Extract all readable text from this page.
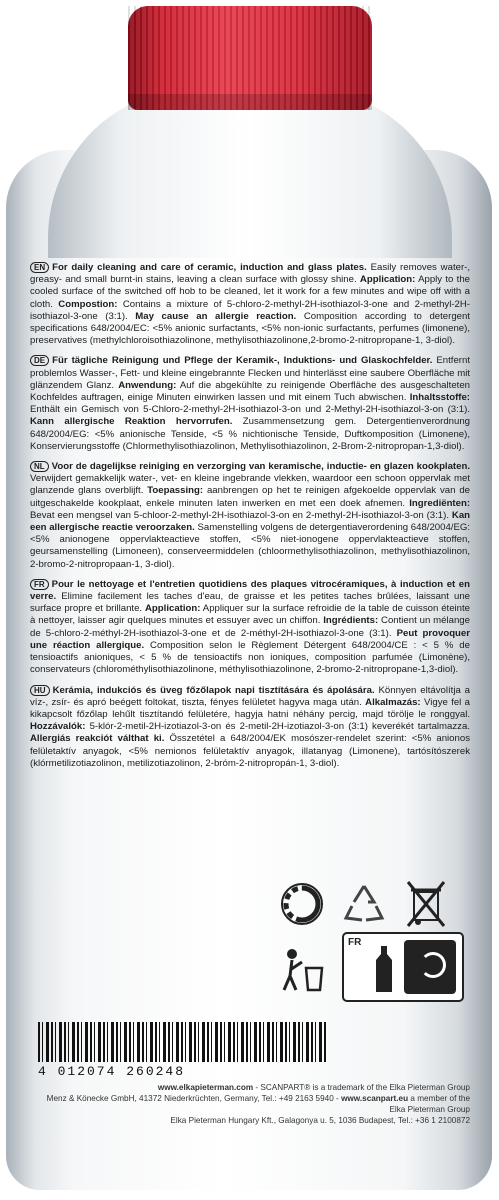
EN For daily cleaning and care of ceramic, induction and glass plates. Easily removes water-, greasy- and small burnt-in stains, leaving a clean surface with glossy shine. Application: Apply to the cooled surface of the switched off hob to be cleaned, let it work for a few minutes and wipe off with a cloth. Compostion: Contains a mixture of 5-chloro-2-methyl-2H-isothiazol-3-one and 2-methyl-2H-isothiazol-3-one (3:1). May cause an allergie reaction. Composition according to detergent specifications 648/2004/EC: <5% anionic surfactants, <5% non-ionic surfactants, perfumes (limonene), preservatives (methylchloroisothiazolinone, methylisothiazolinone,2-bromo-2-nitropropane-1, 3-diol).
DE Für tägliche Reinigung und Pflege der Keramik-, Induktions- und Glaskochfelder. Entfernt problemlos Wasser-, Fett- und kleine eingebrannte Flecken und hinterlässt eine saubere Oberfläche mit glänzendem Glanz. Anwendung: Auf die abgekühlte zu reinigende Oberfläche des ausgeschalteten Kochfeldes auftragen, einige Minuten einwirken lassen und mit einem Tuch abwischen. Inhaltsstoffe: Enthält ein Gemisch von 5-Chloro-2-methyl-2H-isothiazol-3-on und 2-Methyl-2H-isothiazol-3-on (3:1). Kann allergische Reaktion hervorrufen. Zusammensetzung gem. Detergentienverordnung 648/2004/EG: <5% anionische Tenside, <5 % nichtionische Tenside, Duftkomposition (Limonene), Konservierungsstoffe (Chlormethylisothiazolinon, Methylisothiazolinon, 2-Brom-2-nitropropan-1,3-diol).
NL Voor de dagelijkse reiniging en verzorging van keramische, inductie- en glazen kookplaten. Verwijdert gemakkelijk water-, vet- en kleine ingebrande vlekken, waardoor een schoon oppervlak met glanzende glans overblijft. Toepassing: aanbrengen op het te reinigen afgekoelde oppervlak van de uitgeschakelde kookplaat, enkele minuten laten inwerken en met een doek afnemen. Ingrediënten: Bevat een mengsel van 5-chloor-2-methyl-2H-isothiazol-3-on en 2-methyl-2H-isothiazol-3-on (3:1). Kan een allergische reactie veroorzaken. Samenstelling volgens de detergentiaverordening 648/2004/EG: <5% anionogene oppervlakteactieve stoffen, <5% niet-ionogene oppervlakteactieve stoffen, geursamenstelling (Limoneen), conserveermiddelen (chloormethylisothiazolinon, methylisothiazolinon, 2-bromo-2-nitropropaan-1, 3-diol).
FR Pour le nettoyage et l'entretien quotidiens des plaques vitrocéramiques, à induction et en verre. Elimine facilement les taches d'eau, de graisse et les petites taches brûlées, laissant une surface propre et brillante. Application: Appliquer sur la surface refroidie de la table de cuisson éteinte à nettoyer, laisser agir quelques minutes et essuyer avec un chiffon. Ingrédients: Contient un mélange de 5-chloro-2-méthyl-2H-isothiazol-3-one et de 2-méthyl-2H-isothiazol-3-one (3:1). Peut provoquer une réaction allergique. Composition selon le Règlement Détergent 648/2004/CE : < 5 % de tensioactifs anioniques, < 5 % de tensioactifs non ioniques, composition parfumée (Limonène), conservateurs (chlorométhylisothiazolinone, méthylisothiazolinone, 2-bromo-2-nitropropane-1,3-diol).
HU Kerámia, indukciós és üveg főzőlapok napi tisztítására és ápolására. Könnyen eltávolítja a víz-, zsír- és apró beégett foltokat, tiszta, fényes felületet hagyva maga után. Alkalmazás: Vigye fel a kikapcsolt főzőlap lehűlt tisztítandó felületére, hagyja hatni néhány percig, majd törölje le ronggyal. Hozzávalók: 5-klór-2-metil-2H-izotiazol-3-on és 2-metil-2H-izotiazol-3-on (3:1) keverékét tartalmazza. Allergiás reakciót válthat ki. Összetétel a 648/2004/EK mosószer-rendelet szerint: <5% anionos felületaktív anyagok, <5% nemionos felületaktív anyagok, illatanyag (Limonene), tartósítószerek (klórmetilizotiazolinon, metilizotiazolinon, 2-bróm-2-nitropropán-1, 3-diol).
FR
4 012074 260248
www.elkapieterman.com - SCANPART® is a trademark of the Elka Pieterman Group
Menz & Könecke GmbH, 41372 Niederkrüchten, Germany, Tel.: +49 2163 5940 - www.scanpart.eu a member of the Elka Pieterman Group
Elka Pieterman Hungary Kft., Galagonya u. 5, 1036 Budapest, Tel.: +36 1 2100872
